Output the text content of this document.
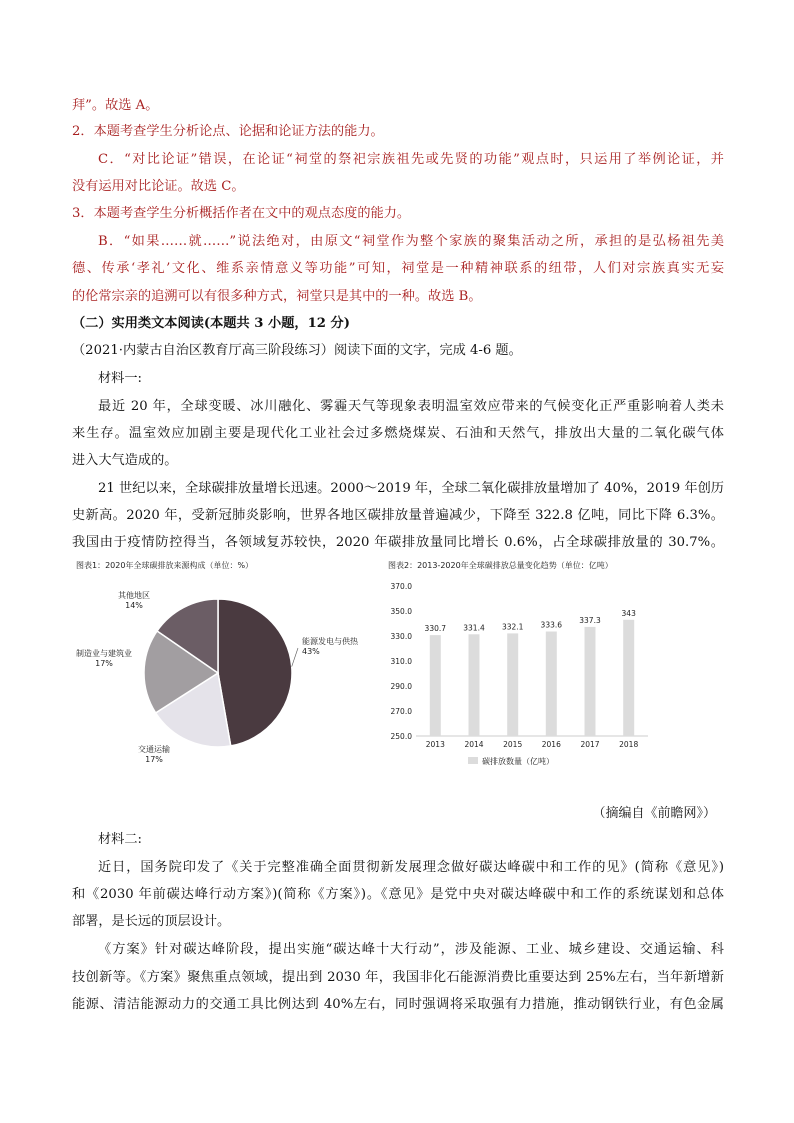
拜”。故选 A。
2．本题考查学生分析论点、论据和论证方法的能力。
C．“对比论证”错误，在论证“祠堂的祭祀宗族祖先或先贤的功能”观点时，只运用了举例论证，并
没有运用对比论证。故选 C。
3．本题考查学生分析概括作者在文中的观点态度的能力。
B．“如果……就……”说法绝对，由原文“祠堂作为整个家族的聚集活动之所，承担的是弘杨祖先美
德、传承‘孝礼’文化、维系亲情意义等功能”可知，祠堂是一种精神联系的纽带，人们对宗族真实无妄
的伦常宗亲的追溯可以有很多种方式，祠堂只是其中的一种。故选 B。
（二）实用类文本阅读(本题共 3 小题，12 分)
（2021·内蒙古自治区教育厅高三阶段练习）阅读下面的文字，完成 4-6 题。
材料一:
最近 20 年，全球变暖、冰川融化、雾霾天气等现象表明温室效应带来的气候变化正严重影响着人类未
来生存。温室效应加剧主要是现代化工业社会过多燃烧煤炭、石油和天然气，排放出大量的二氧化碳气体
进入大气造成的。
21 世纪以来，全球碳排放量增长迅速。2000～2019 年，全球二氧化碳排放量增加了 40%，2019 年创历
史新高。2020 年，受新冠肺炎影响，世界各地区碳排放量普遍减少，下降至 322.8 亿吨，同比下降 6.3%。
我国由于疫情防控得当，各领域复苏较快，2020 年碳排放量同比增长 0.6%，占全球碳排放量的 30.7%。
图表1：2020年全球碳排放来源构成（单位：%）
能源发电与供热
43%
交通运输
17%
制造业与建筑业
17%
其他地区
14%
图表2：2013-2020年全球碳排放总量变化趋势（单位：亿吨）
370.0
350.0
330.0
310.0
290.0
270.0
250.0
330.7 331.4 332.1 333.6
337.3
343
2013	2014	2015	2016	2017	2018
碳排放数量（亿吨）
（摘编自《前瞻网》）
材料二:
近日，国务院印发了《关于完整准确全面贯彻新发展理念做好碳达峰碳中和工作的见》(简称《意见》)
和《2030 年前碳达峰行动方案》)(简称《方案》)。《意见》是党中央对碳达峰碳中和工作的系统谋划和总体
部署，是长远的顶层设计。
《方案》针对碳达峰阶段，提出实施“碳达峰十大行动”，涉及能源、工业、城乡建设、交通运输、科
技创新等。《方案》聚焦重点领域，提出到 2030 年，我国非化石能源消费比重要达到 25%左右，当年新增新
能源、清洁能源动力的交通工具比例达到 40%左右，同时强调将采取强有力措施，推动钢铁行业，有色金属
